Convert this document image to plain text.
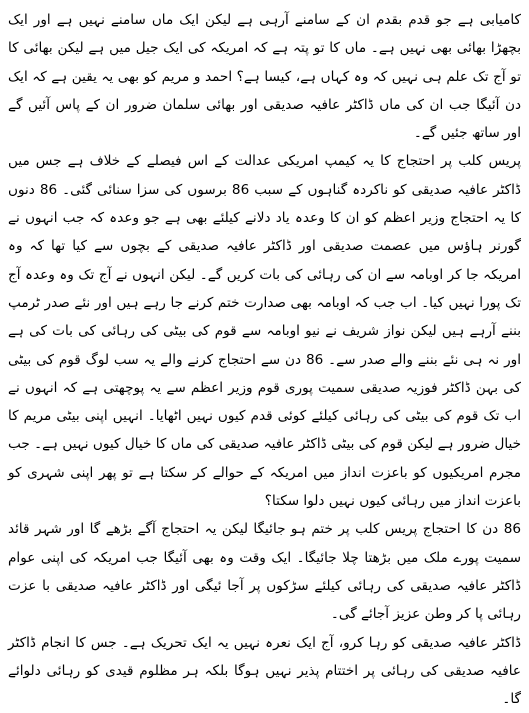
کامیابی ہے جو قدم بقدم ان کے سامنے آرہی ہے لیکن ایک ماں سامنے نہیں ہے اور ایک بچھڑا بھائی بھی نہیں ہے۔ ماں کا تو پتہ ہے کہ امریکہ کی ایک جیل میں ہے لیکن بھائی کا تو آج تک علم ہی نہیں کہ وہ کہاں ہے، کیسا ہے؟ احمد و مریم کو بھی یہ یقین ہے کہ ایک دن آئیگا جب ان کی ماں ڈاکٹر عافیہ صدیقی اور بھائی سلمان ضرور ان کے پاس آئیں گے اور ساتھ جئیں گے۔

پریس کلب پر احتجاج کا یہ کیمپ امریکی عدالت کے اس فیصلے کے خلاف ہے جس میں ڈاکٹر عافیہ صدیقی کو ناکردہ گناہوں کے سبب 86 برسوں کی سزا سنائی گئی۔ 86 دنوں کا یہ احتجاج وزیر اعظم کو ان کا وعدہ یاد دلانے کیلئے بھی ہے جو وعدہ کہ جب انہوں نے گورنر ہاؤس میں عصمت صدیقی اور ڈاکٹر عافیہ صدیقی کے بچوں سے کیا تھا کہ وہ امریکہ جا کر اوبامہ سے ان کی رہائی کی بات کریں گے۔ لیکن انہوں نے آج تک وہ وعدہ آج تک پورا نہیں کیا۔ اب جب کہ اوبامہ بھی صدارت ختم کرنے جا رہے ہیں اور نئے صدر ٹرمپ بننے آرہے ہیں لیکن نواز شریف نے نیو اوبامہ سے قوم کی بیٹی کی رہائی کی بات کی ہے اور نہ ہی نئے بننے والے صدر سے۔ 86 دن سے احتجاج کرنے والے یہ سب لوگ قوم کی بیٹی کی بہن ڈاکٹر فوزیہ صدیقی سمیت پوری قوم وزیر اعظم سے یہ پوچھتی ہے کہ انہوں نے اب تک قوم کی بیٹی کی رہائی کیلئے کوئی قدم کیوں نہیں اٹھایا۔ انہیں اپنی بیٹی مریم کا خیال ضرور ہے لیکن قوم کی بیٹی ڈاکٹر عافیہ صدیقی کی ماں کا خیال کیوں نہیں ہے۔ جب مجرم امریکیوں کو باعزت انداز میں امریکہ کے حوالے کر سکتا ہے تو پھر اپنی شہری کو باعزت انداز میں رہائی کیوں نہیں دلوا سکتا؟

86 دن کا احتجاج پریس کلب پر ختم ہو جائیگا لیکن یہ احتجاج آگے بڑھے گا اور شہر قائد سمیت پورے ملک میں بڑھتا چلا جائیگا۔ ایک وقت وہ بھی آئیگا جب امریکہ کی اپنی عوام ڈاکٹر عافیہ صدیقی کی رہائی کیلئے سڑکوں پر آجا ئیگی اور ڈاکٹر عافیہ صدیقی با عزت رہائی پا کر وطن عزیز آجائے گی۔

ڈاکٹر عافیہ صدیقی کو رہا کرو، آج ایک نعرہ نہیں یہ ایک تحریک ہے۔ جس کا انجام ڈاکٹر عافیہ صدیقی کی رہائی پر اختتام پذیر نہیں ہوگا بلکہ ہر مظلوم قیدی کو رہائی دلوائے گا۔
